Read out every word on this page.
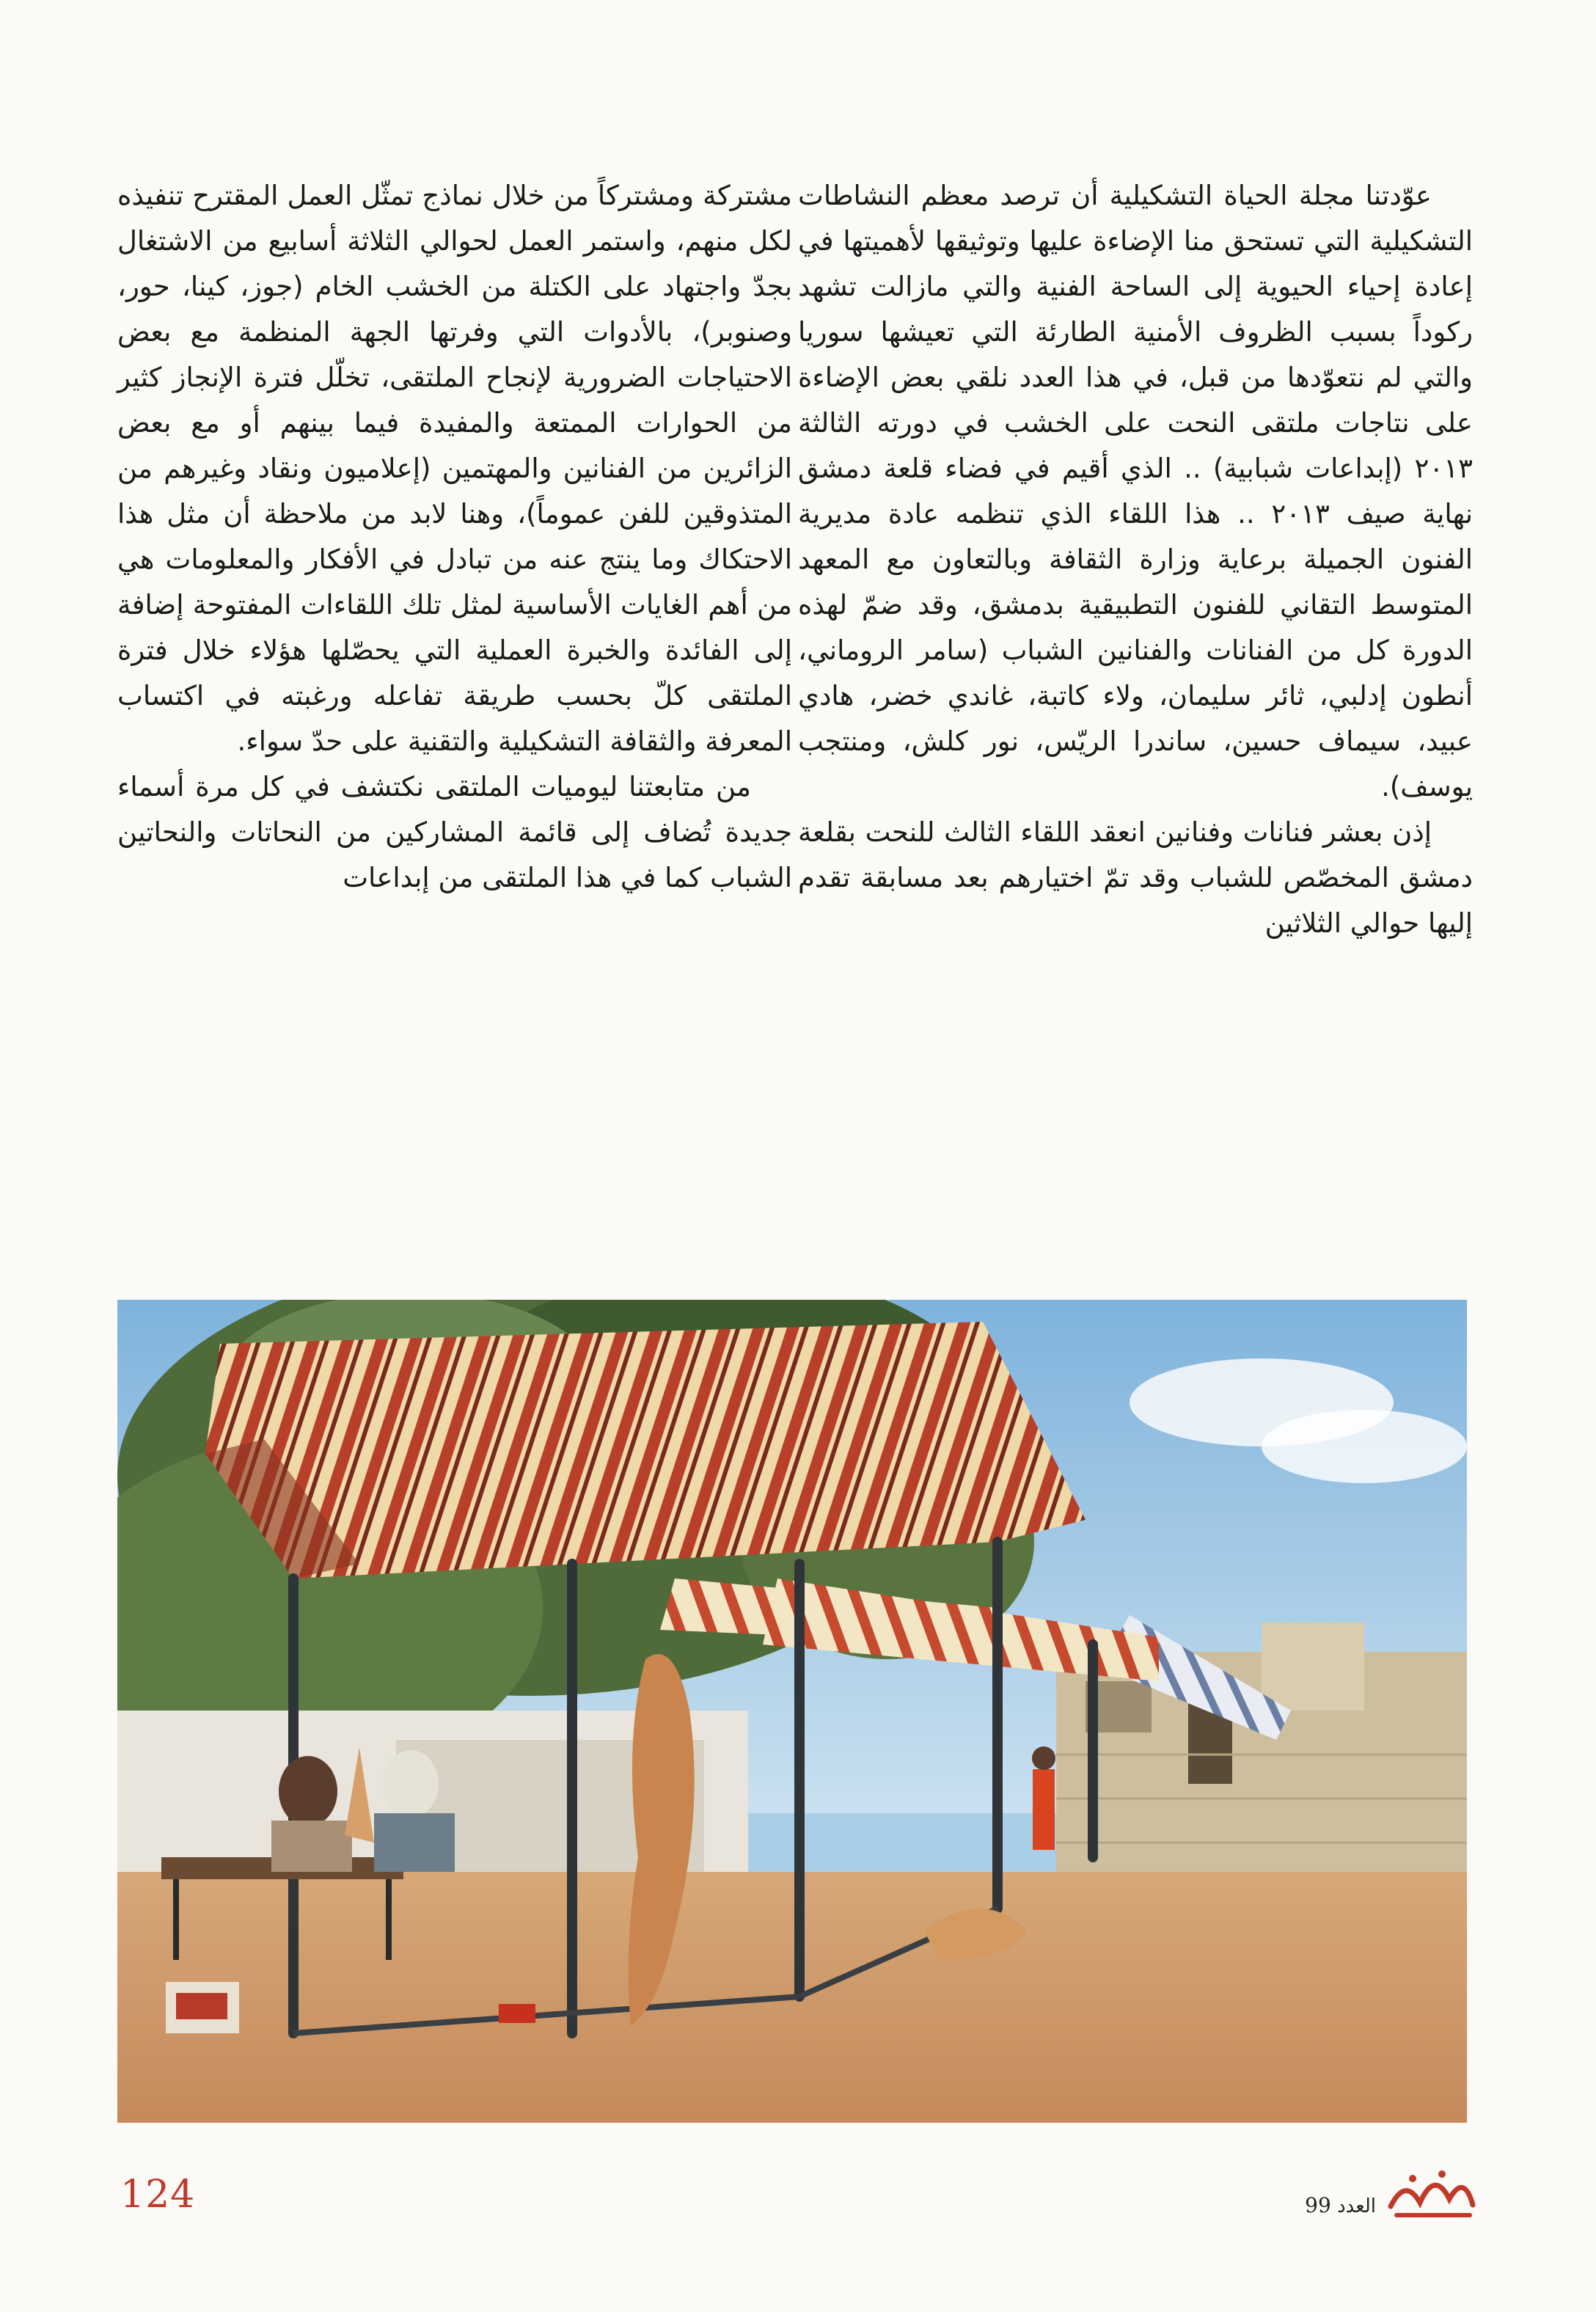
عوّدتنا مجلة الحياة التشكيلية أن ترصد معظم النشاطات التشكيلية التي تستحق منا الإضاءة عليها وتوثيقها لأهميتها في إعادة إحياء الحيوية إلى الساحة الفنية والتي مازالت تشهد ركوداً بسبب الظروف الأمنية الطارئة التي تعيشها سوريا والتي لم نتعوّدها من قبل، في هذا العدد نلقي بعض الإضاءة على نتاجات ملتقى النحت على الخشب في دورته الثالثة ٢٠١٣ (إبداعات شبابية) .. الذي أقيم في فضاء قلعة دمشق نهاية صيف ٢٠١٣ .. هذا اللقاء الذي تنظمه عادة مديرية الفنون الجميلة برعاية وزارة الثقافة وبالتعاون مع المعهد المتوسط التقاني للفنون التطبيقية بدمشق، وقد ضمّ لهذه الدورة كل من الفنانات والفنانين الشباب (سامر الروماني، أنطون إدلبي، ثائر سليمان، ولاء كاتبة، غاندي خضر، هادي عبيد، سيماف حسين، ساندرا الريّس، نور كلش، ومنتجب يوسف).

إذن بعشر فنانات وفنانين انعقد اللقاء الثالث للنحت بقلعة دمشق المخصّص للشباب وقد تمّ اختيارهم بعد مسابقة تقدم إليها حوالي الثلاثين

مشتركة ومشتركاً من خلال نماذج تمثّل العمل المقترح تنفيذه لكل منهم، واستمر العمل لحوالي الثلاثة أسابيع من الاشتغال بجدّ واجتهاد على الكتلة من الخشب الخام (جوز، كينا، حور، وصنوبر)، بالأدوات التي وفرتها الجهة المنظمة مع بعض الاحتياجات الضرورية لإنجاح الملتقى، تخلّل فترة الإنجاز كثير من الحوارات الممتعة والمفيدة فيما بينهم أو مع بعض الزائرين من الفنانين والمهتمين (إعلاميون ونقاد وغيرهم من المتذوقين للفن عموماً)، وهنا لابد من ملاحظة أن مثل هذا الاحتكاك وما ينتج عنه من تبادل في الأفكار والمعلومات هي من أهم الغايات الأساسية لمثل تلك اللقاءات المفتوحة إضافة إلى الفائدة والخبرة العملية التي يحصّلها هؤلاء خلال فترة الملتقى كلّ بحسب طريقة تفاعله ورغبته في اكتساب المعرفة والثقافة التشكيلية والتقنية على حدّ سواء.

من متابعتنا ليوميات الملتقى نكتشف في كل مرة أسماء جديدة تُضاف إلى قائمة المشاركين من النحاتات والنحاتين الشباب كما في هذا الملتقى من إبداعات

124	العدد 99
